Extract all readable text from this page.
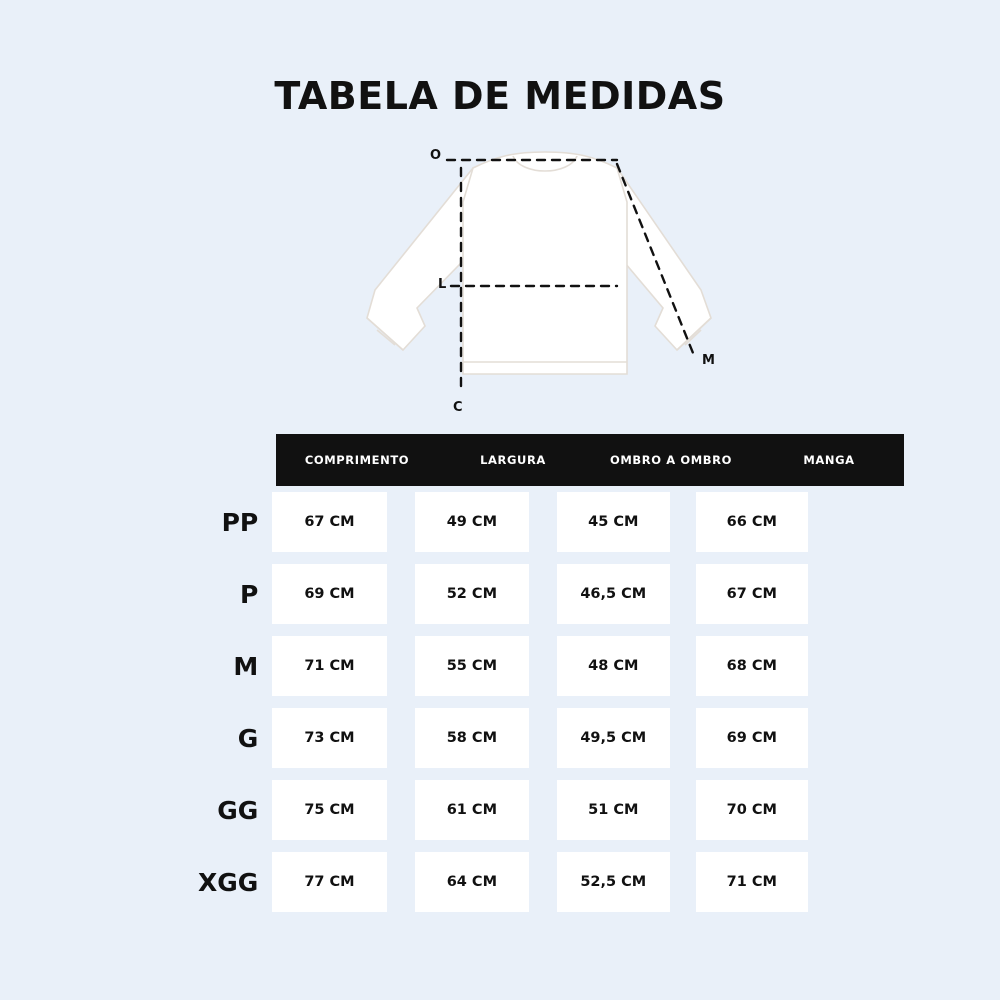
TABELA DE MEDIDAS
O
L
C
M
COMPRIMENTO	LARGURA	OMBRO A OMBRO	MANGA
PP	67 CM	49 CM	45 CM	66 CM
P	69 CM	52 CM	46,5 CM	67 CM
M	71 CM	55 CM	48 CM	68 CM
G	73 CM	58 CM	49,5 CM	69 CM
GG	75 CM	61 CM	51 CM	70 CM
XGG	77 CM	64 CM	52,5 CM	71 CM
